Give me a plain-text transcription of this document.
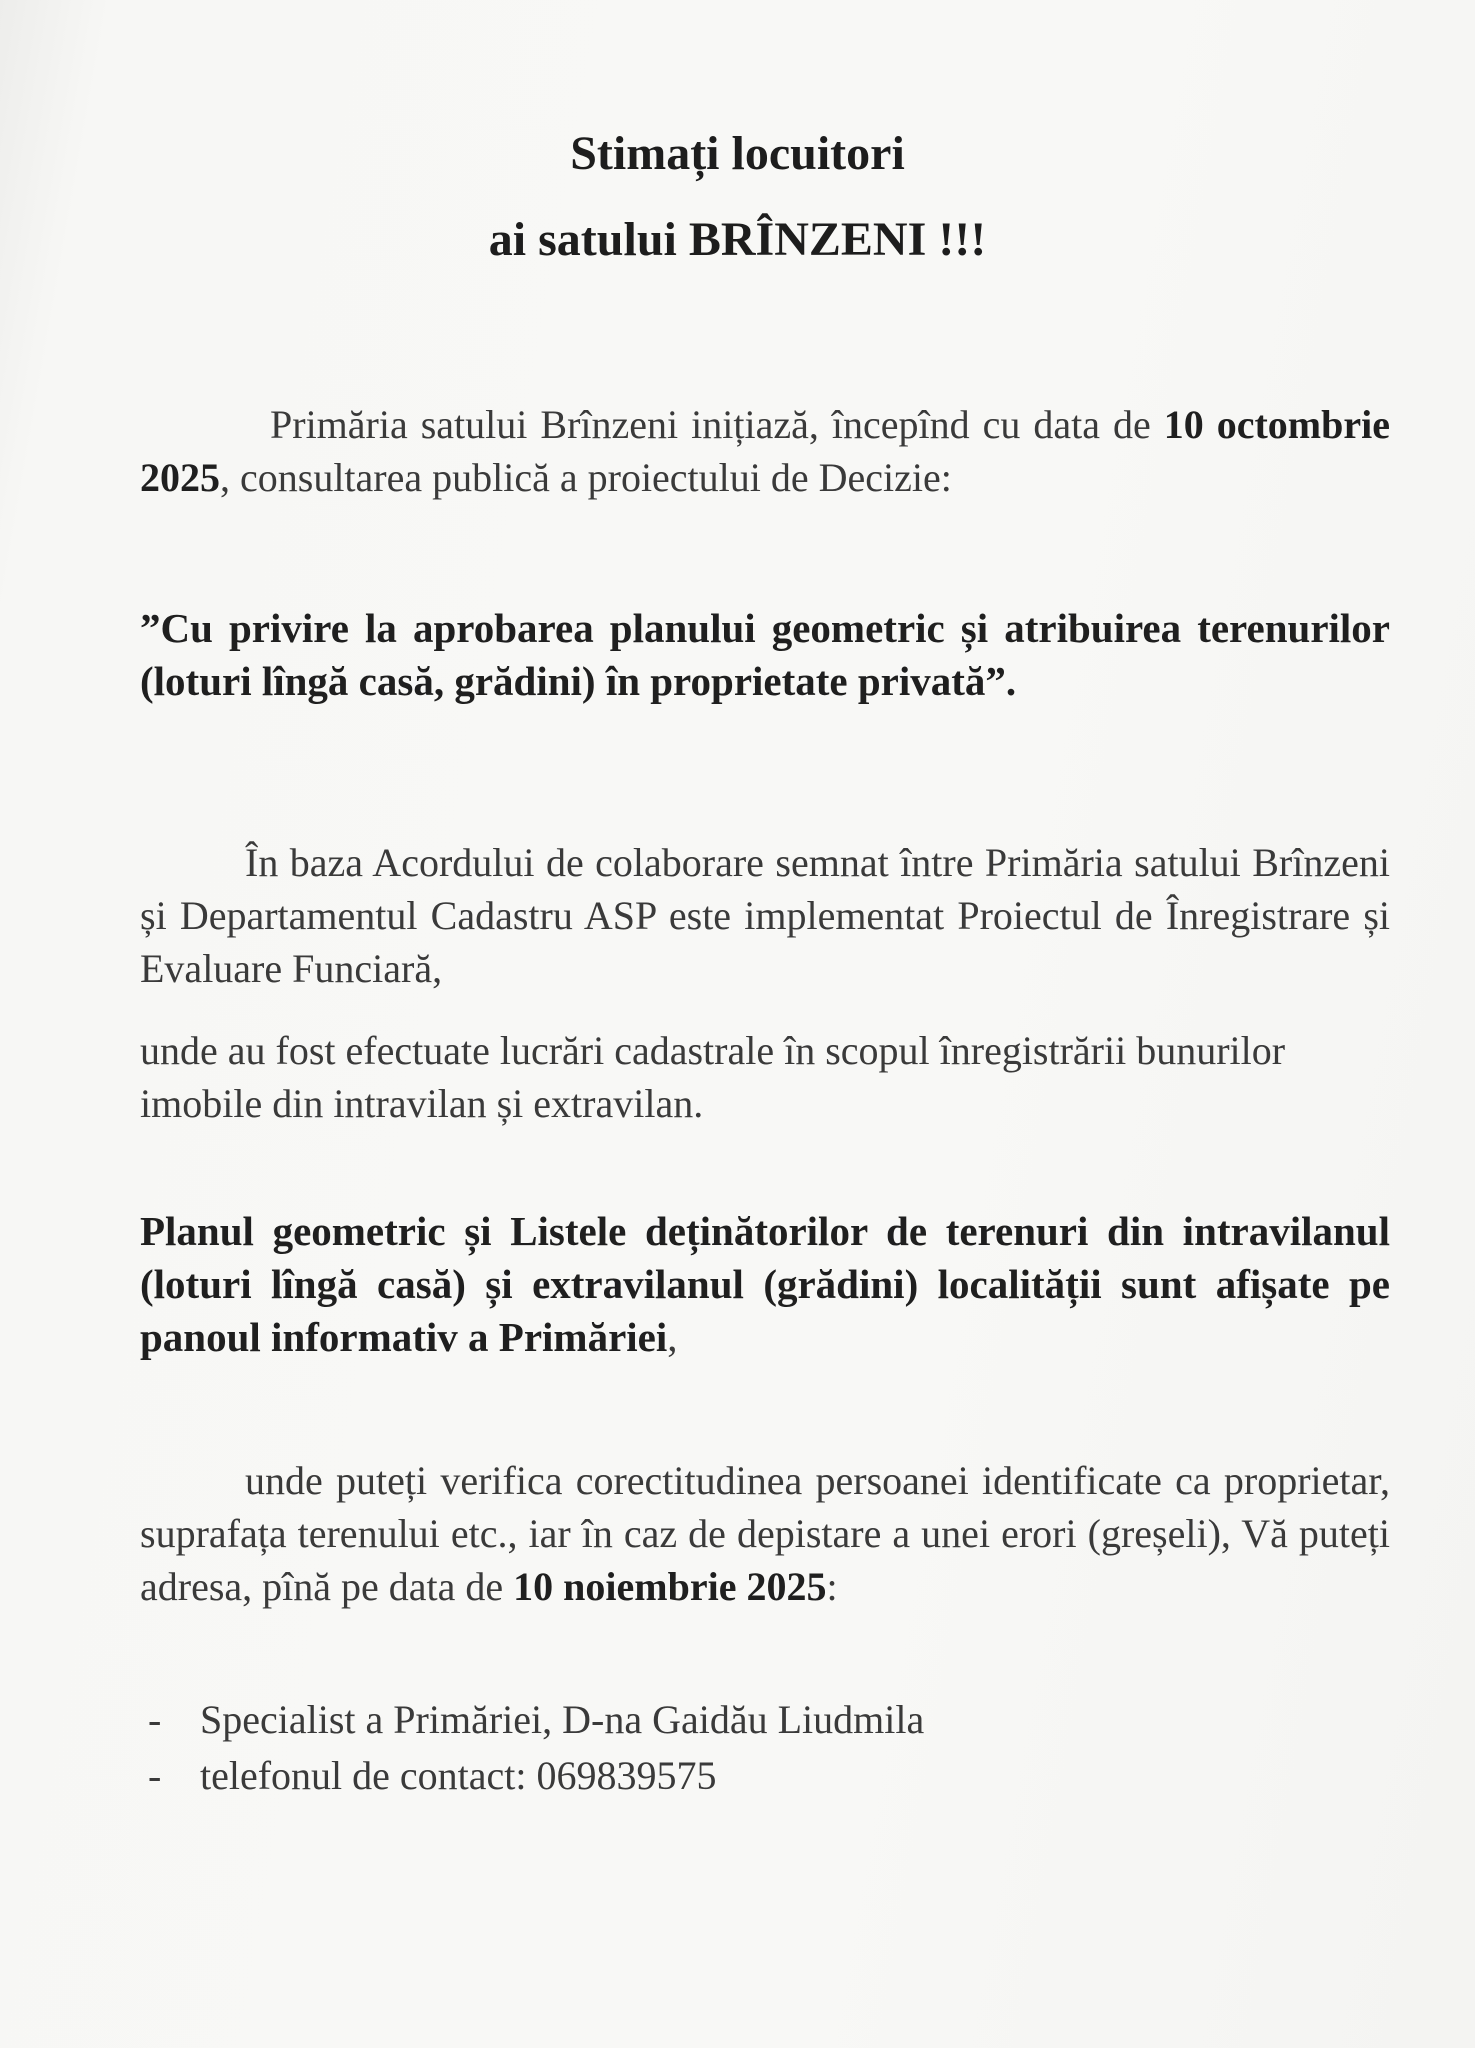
Stimați locuitori
ai satului BRÎNZENI !!!

Primăria satului Brînzeni inițiază, începînd cu data de 10 octombrie 2025, consultarea publică a proiectului de Decizie:

”Cu privire la aprobarea planului geometric și atribuirea terenurilor (loturi lîngă casă, grădini) în proprietate privată”.

În baza Acordului de colaborare semnat între Primăria satului Brînzeni și Departamentul Cadastru ASP este implementat Proiectul de Înregistrare și Evaluare Funciară,

unde au fost efectuate lucrări cadastrale în scopul înregistrării bunurilor imobile din intravilan și extravilan.

Planul geometric și Listele deținătorilor de terenuri din intravilanul (loturi lîngă casă) și extravilanul (grădini) localității sunt afișate pe panoul informativ a Primăriei,

unde puteți verifica corectitudinea persoanei identificate ca proprietar, suprafața terenului etc., iar în caz de depistare a unei erori (greșeli), Vă puteți adresa, pînă pe data de 10 noiembrie 2025:

- Specialist a Primăriei, D-na Gaidău Liudmila
- telefonul de contact: 069839575
